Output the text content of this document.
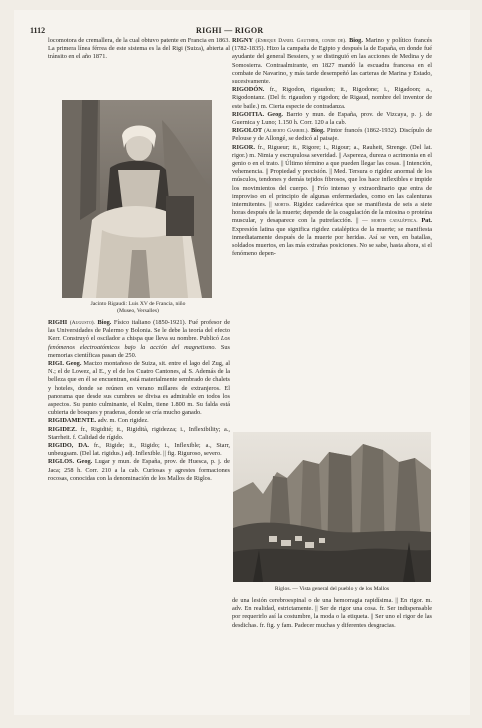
1112	RIGHI — RIGOR

locomotora de cremallera, de la cual obtuvo patente en Francia en 1863. La primera línea férrea de este sistema es la del Rigi (Suiza), abierta al tránsito en el año 1871.

Jacinto Rigaudi: Luis XV de Francia, niño
(Museo, Versalles)

RIGHI (Augusto). Biog. Físico italiano (1850-1921). Fué profesor de las Universidades de Palermo y Bolonia. Se le debe la teoría del efecto Kerr. Construyó el oscilador a chispa que lleva su nombre. Publicó Los fenómenos electroatómicos bajo la acción del magnetismo. Sus memorias científicas pasan de 250.

RIGI. Geog. Macizo montañoso de Suiza, sit. entre el lago del Zug, al N.; el de Lowez, al E., y el de los Cuatro Cantones, al S. Además de la belleza que en él se encuentran, está materialmente sembrado de chalets y hoteles, donde se reúnen en verano millares de extranjeros. El panorama que desde sus cumbres se divisa es admirable en todos los aspectos. Su punto culminante, el Kulm, tiene 1.800 m. Su falda está cubierta de bosques y praderas, donde se cría mucho ganado.

RIGIDAMENTE. adv. m. Con rigidez.

RIGIDEZ. fr., Rigidité; it., Rigidità, rigidezza; i., Inflexibility; a., Starrheit. f. Calidad de rígido.

RIGIDO, DA. fr., Rigide; it., Rigido; i., Inflexible; a., Starr, unbeugsam. (Del lat. rigidus.) adj. Inflexible. || fig. Riguroso, severo.

RIGLOS. Geog. Lugar y mun. de España, prov. de Huesca, p. j. de Jaca; 258 h. Corr. 210 a la cab. Curiosas y agrestes formaciones rocosas, conocidas con la denominación de los Mallos de Riglos.

RIGNY (Enrique Daniel Gauthier, conde de). Biog. Marino y político francés (1782-1835). Hizo la campaña de Egipto y después la de España, en donde fué ayudante del general Bessiers, y se distinguió en las acciones de Medina y de Somosierra. Contraalmirante, en 1827 mandó la escuadra francesa en el combate de Navarino, y más tarde desempeñó las carteras de Marina y Estado, sucesivamente.

RIGODÓN. fr., Rigodon, rigaudon; it., Rigodone; i., Rigadoon; a., Rigodontanz. (Del fr. rigaudon y rigodon; de Rigaud, nombre del inventor de este baile.) m. Cierta especie de contradanza.

RIGOITIA. Geog. Barrio y mun. de España, prov. de Vizcaya, p. j. de Guernica y Luno; 1.150 h. Corr. 120 a la cab.

RIGOLOT (Alberto Gabriel). Biog. Pintor francés (1862-1932). Discípulo de Pelouse y de Allongé, se dedicó al paisaje.

RIGOR. fr., Rigueur; it., Rigore; i., Rigour; a., Rauheit, Strenge. (Del lat. rigor.) m. Nimia y escrupulosa severidad. || Aspereza, dureza o acrimonia en el genio o en el trato. || Último término a que pueden llegar las cosas. || Intención, vehemencia. || Propiedad y precisión. || Med. Tersura o rigidez anormal de los músculos, tendones y demás tejidos fibrosos, que los hace inflexibles e impide los movimientos del cuerpo. || Frío intenso y extraordinario que entra de improviso en el principio de algunas enfermedades, como en las calenturas intermitentes. || mortis. Rigidez cadavérica que se manifiesta de seis a siete horas después de la muerte; depende de la coagulación de la miosina o proteína muscular, y desaparece con la putrefacción. || — mortis cataléptica. Pat. Expresión latina que significa rigidez cataléptica de la muerte; se manifiesta inmediatamente después de la muerte por heridas. Así se ven, en batallas, soldados muertos, en las más extrañas posiciones. No se sabe, hasta ahora, si el fenómeno depen-

Riglos. — Vista general del pueblo y de los Mallos

de una lesión cerebroespinal o de una hemorragia rapidísima. || En rigor. m. adv. En realidad, estrictamente. || Ser de rigor una cosa. fr. Ser indispensable por requerirlo así la costumbre, la moda o la etiqueta. || Ser uno el rigor de las desdichas. fr. fig. y fam. Padecer muchas y diferentes desgracias.
